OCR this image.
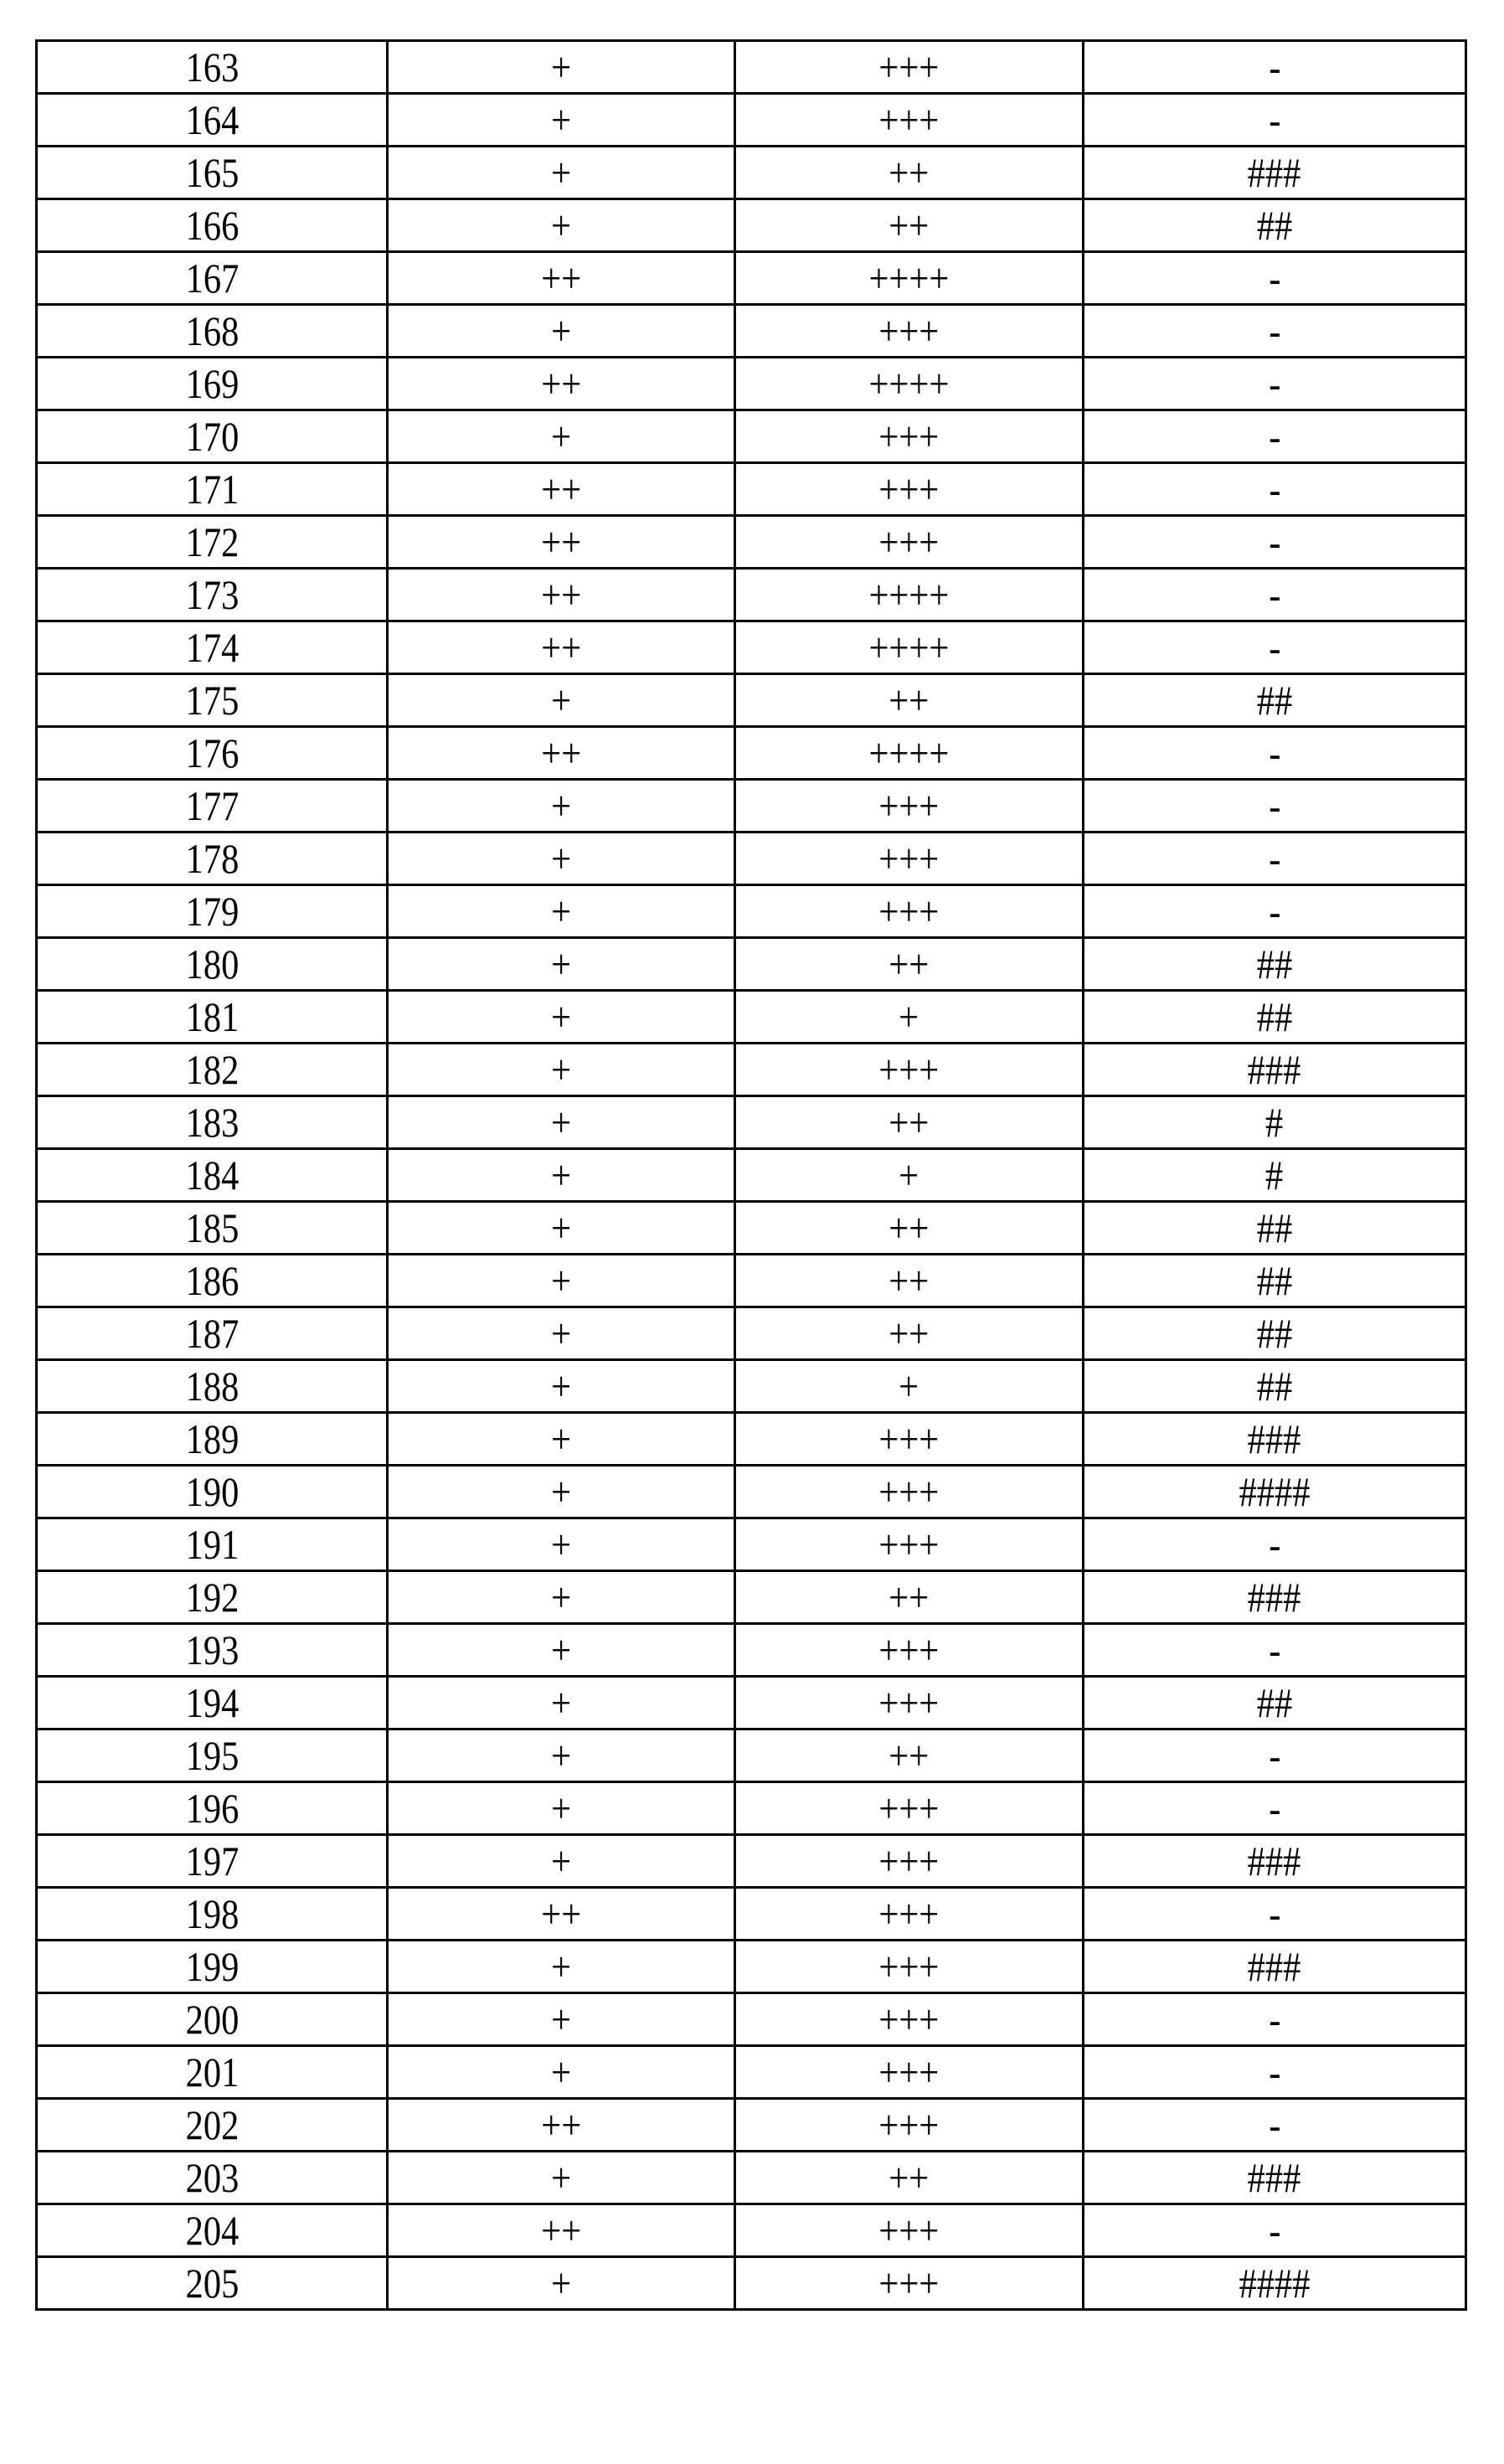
163	+	+++	-
164	+	+++	-
165	+	++	###
166	+	++	##
167	++	++++	-
168	+	+++	-
169	++	++++	-
170	+	+++	-
171	++	+++	-
172	++	+++	-
173	++	++++	-
174	++	++++	-
175	+	++	##
176	++	++++	-
177	+	+++	-
178	+	+++	-
179	+	+++	-
180	+	++	##
181	+	+	##
182	+	+++	###
183	+	++	#
184	+	+	#
185	+	++	##
186	+	++	##
187	+	++	##
188	+	+	##
189	+	+++	###
190	+	+++	####
191	+	+++	-
192	+	++	###
193	+	+++	-
194	+	+++	##
195	+	++	-
196	+	+++	-
197	+	+++	###
198	++	+++	-
199	+	+++	###
200	+	+++	-
201	+	+++	-
202	++	+++	-
203	+	++	###
204	++	+++	-
205	+	+++	####
